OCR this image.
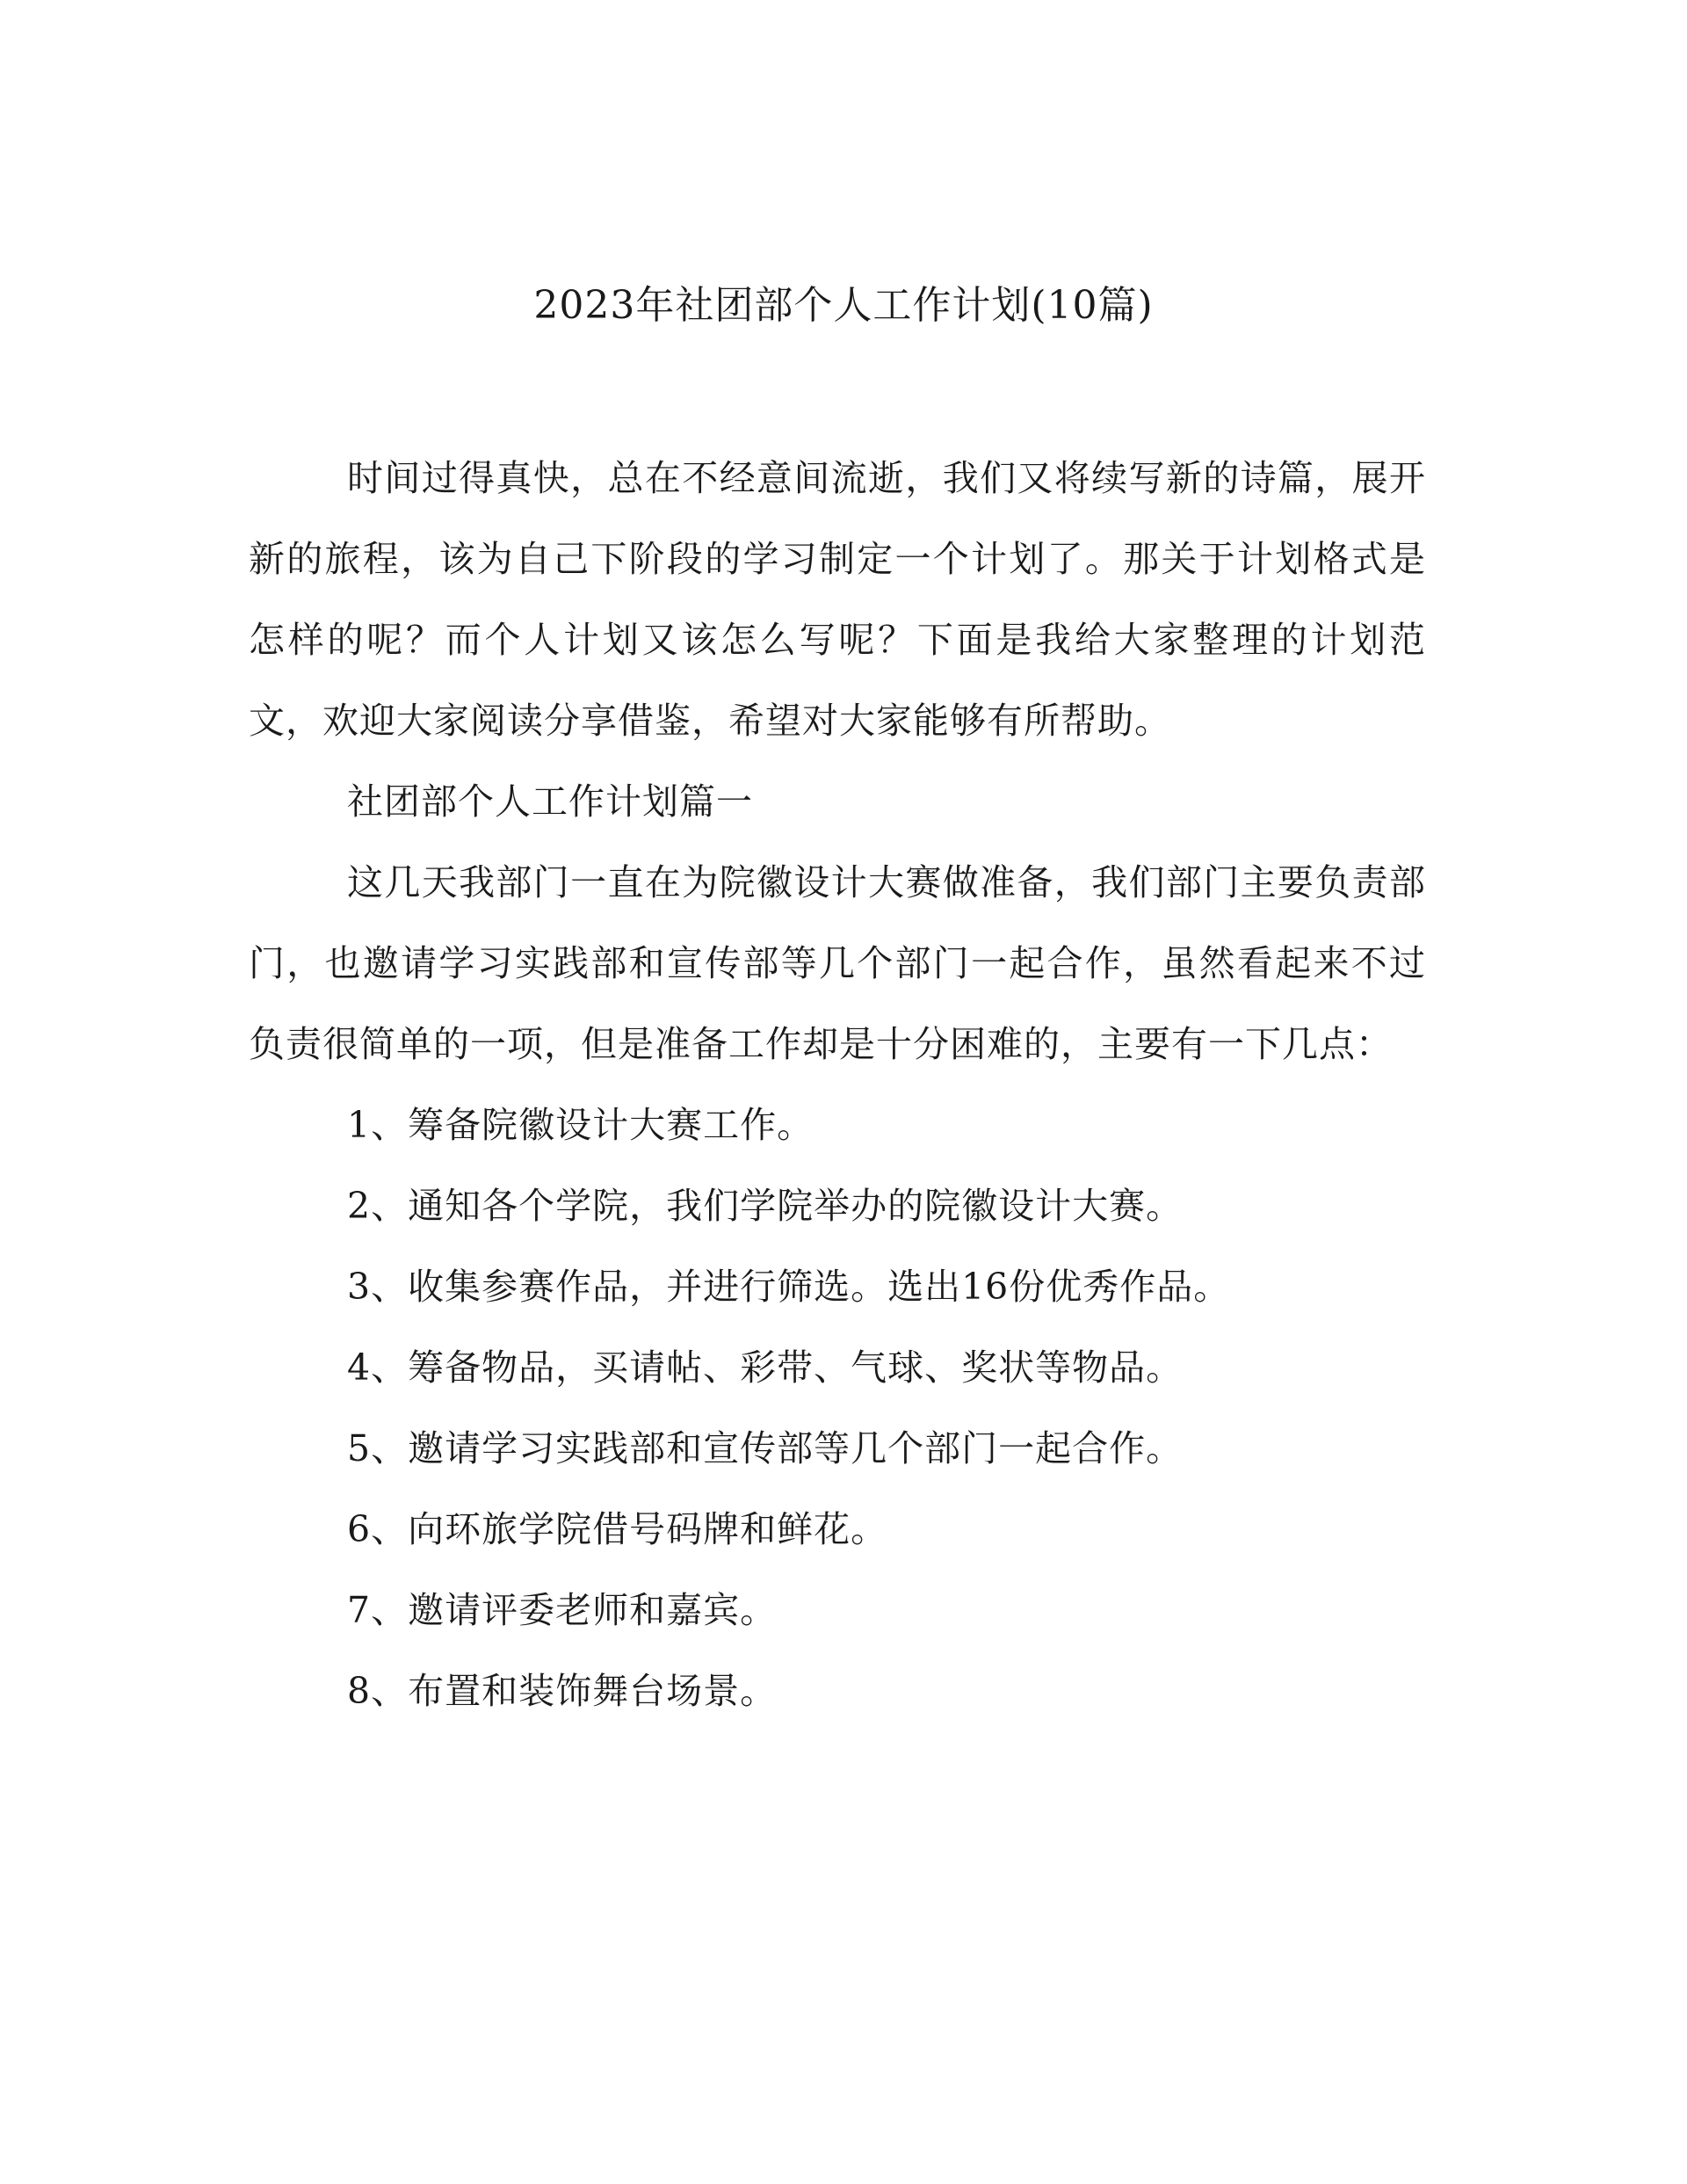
2023年社团部个人工作计划(10篇)

时间过得真快，总在不经意间流逝，我们又将续写新的诗篇，展开新的旅程，该为自己下阶段的学习制定一个计划了。那关于计划格式是怎样的呢？而个人计划又该怎么写呢？下面是我给大家整理的计划范文，欢迎大家阅读分享借鉴，希望对大家能够有所帮助。

社团部个人工作计划篇一

这几天我部门一直在为院徽设计大赛做准备，我们部门主要负责部门，也邀请学习实践部和宣传部等几个部门一起合作，虽然看起来不过负责很简单的一项，但是准备工作却是十分困难的，主要有一下几点：

1、筹备院徽设计大赛工作。

2、通知各个学院，我们学院举办的院徽设计大赛。

3、收集参赛作品，并进行筛选。选出16份优秀作品。

4、筹备物品，买请帖、彩带、气球、奖状等物品。

5、邀请学习实践部和宣传部等几个部门一起合作。

6、向环旅学院借号码牌和鲜花。

7、邀请评委老师和嘉宾。

8、布置和装饰舞台场景。
